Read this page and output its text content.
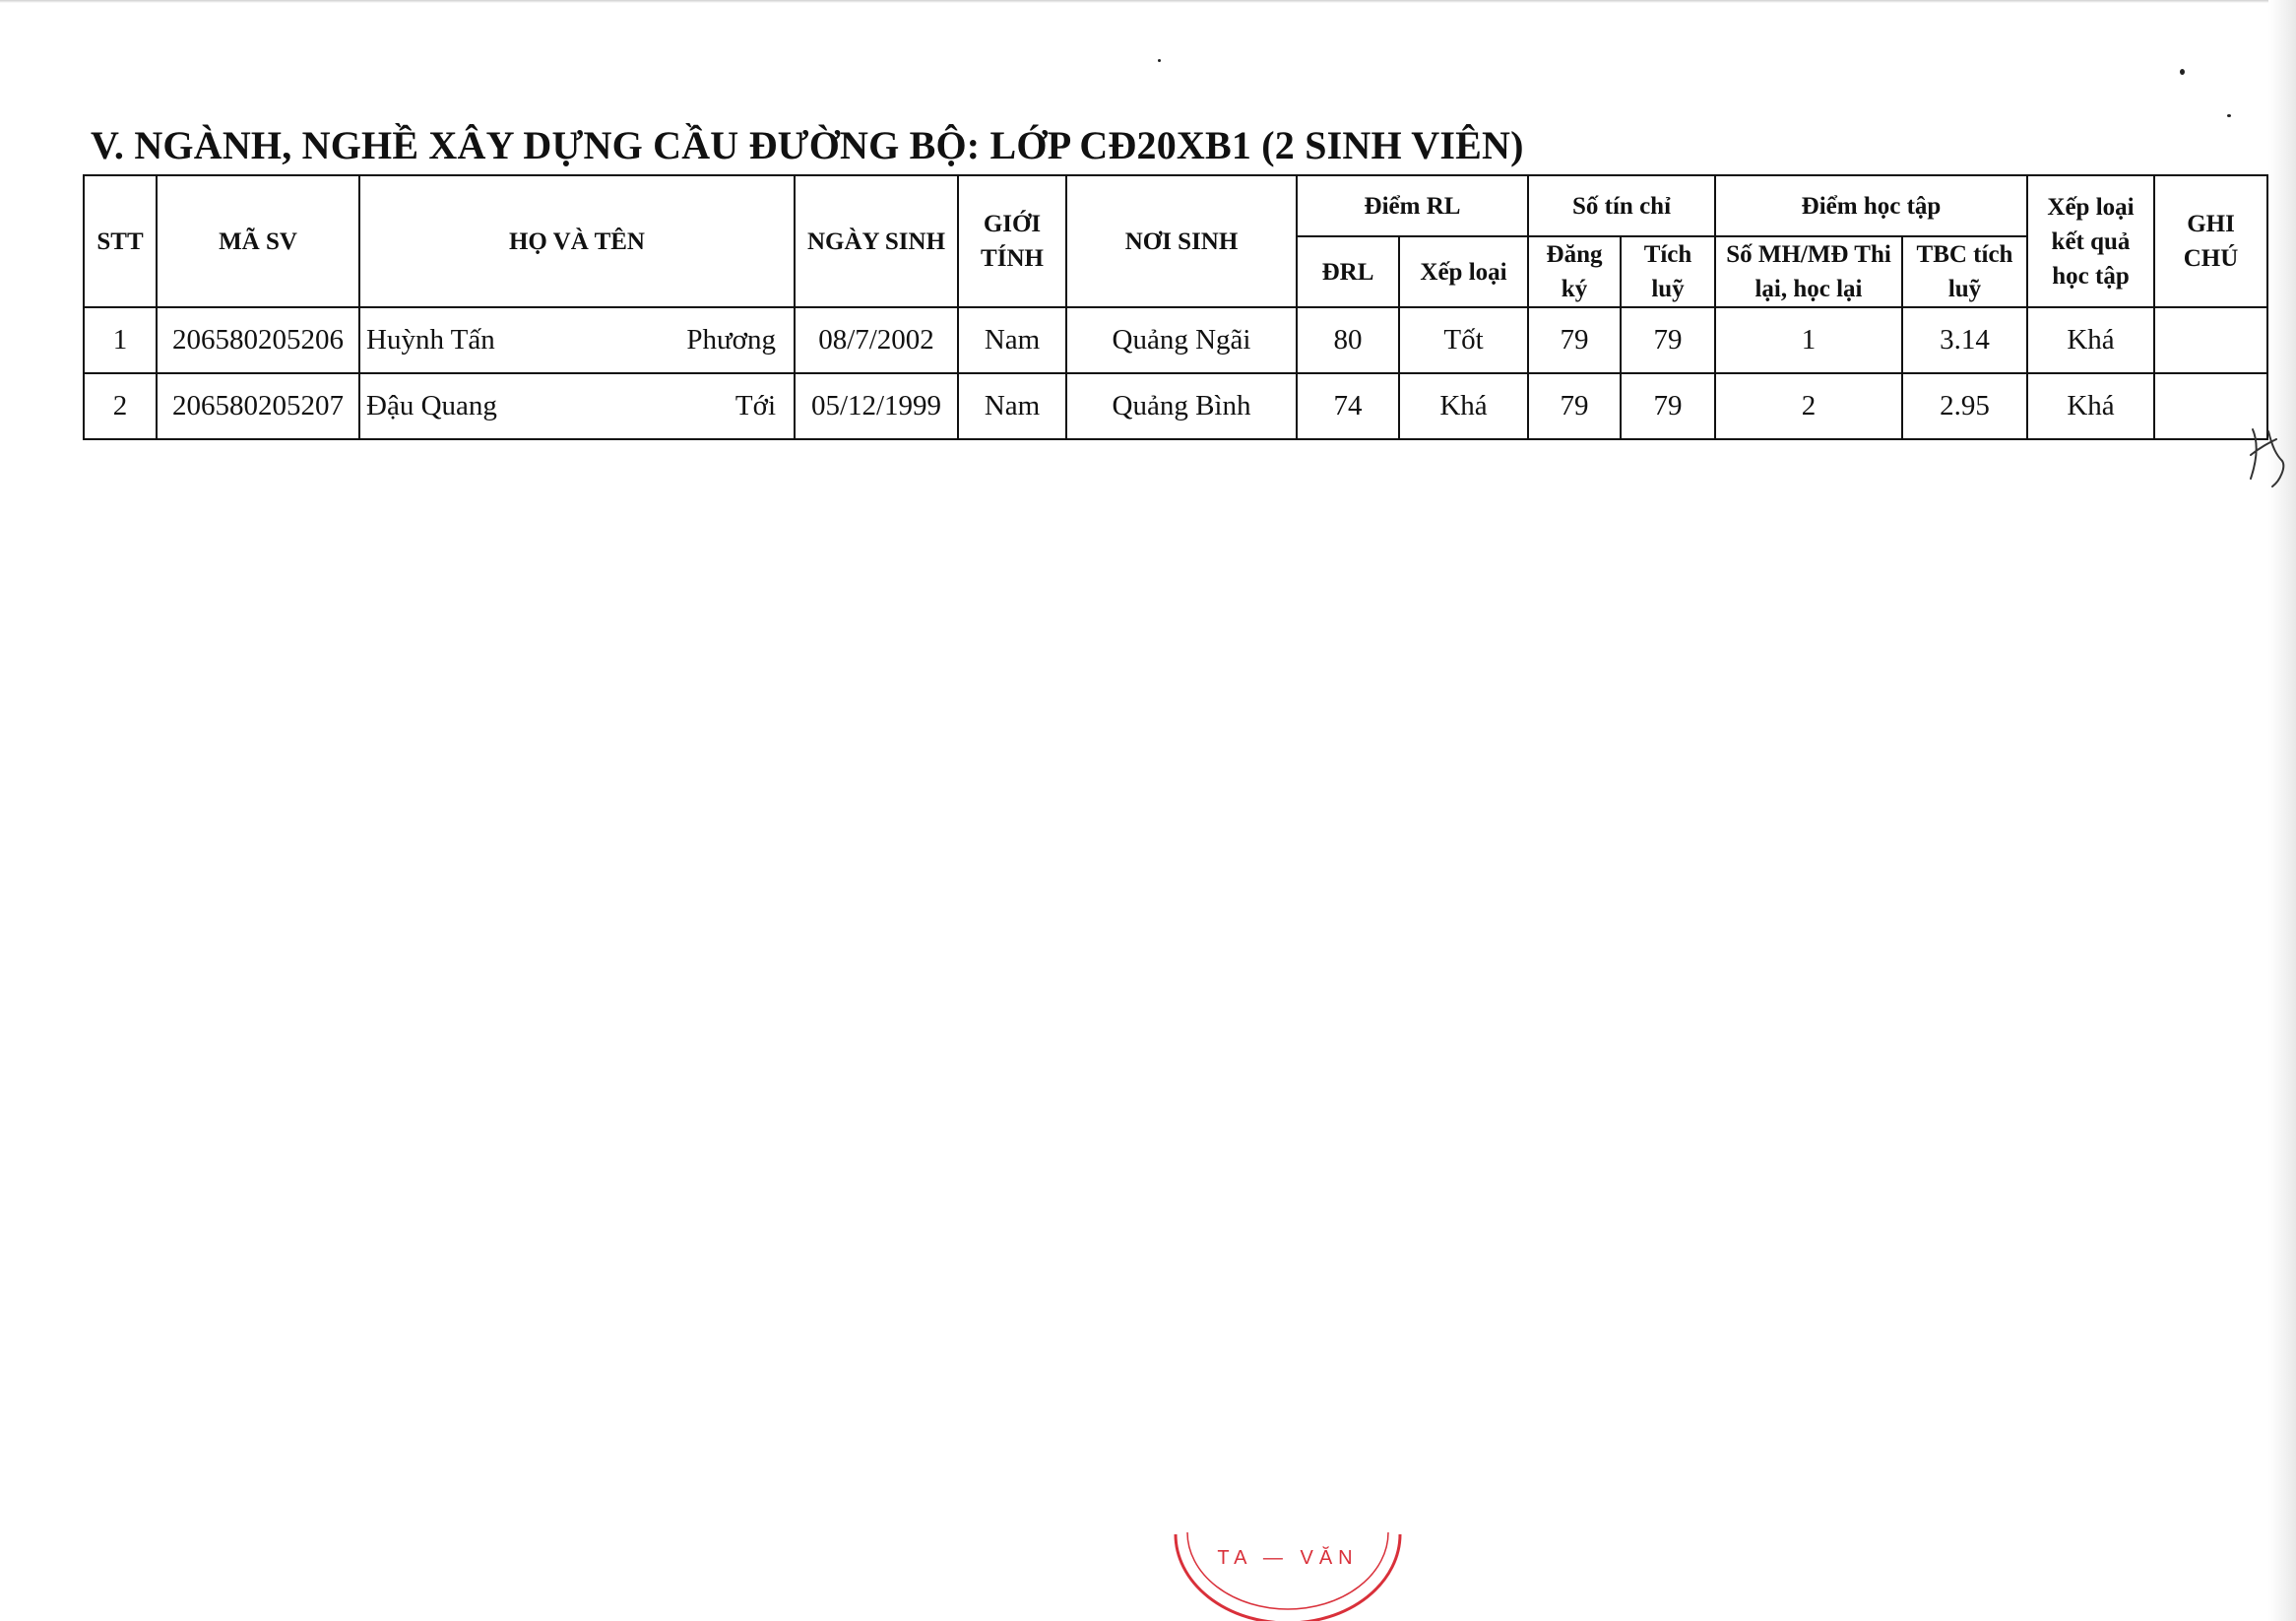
V. NGÀNH, NGHỀ XÂY DỰNG CẦU ĐƯỜNG BỘ: LỚP CĐ20XB1 (2 SINH VIÊN)
STT	MÃ SV	HỌ VÀ TÊN	NGÀY SINH	GIỚI TÍNH	NƠI SINH	Điểm RL		Số tín chỉ		Điểm học tập		Xếp loại kết quả học tập	GHI CHÚ
						ĐRL	Xếp loại	Đăng ký	Tích luỹ	Số MH/MĐ Thi lại, học lại	TBC tích luỹ		
1	206580205206	Huỳnh Tấn Phương	08/7/2002	Nam	Quảng Ngãi	80	Tốt	79	79	1	3.14	Khá	
2	206580205207	Đậu Quang Tới	05/12/1999	Nam	Quảng Bình	74	Khá	79	79	2	2.95	Khá	
TA — VĂN
